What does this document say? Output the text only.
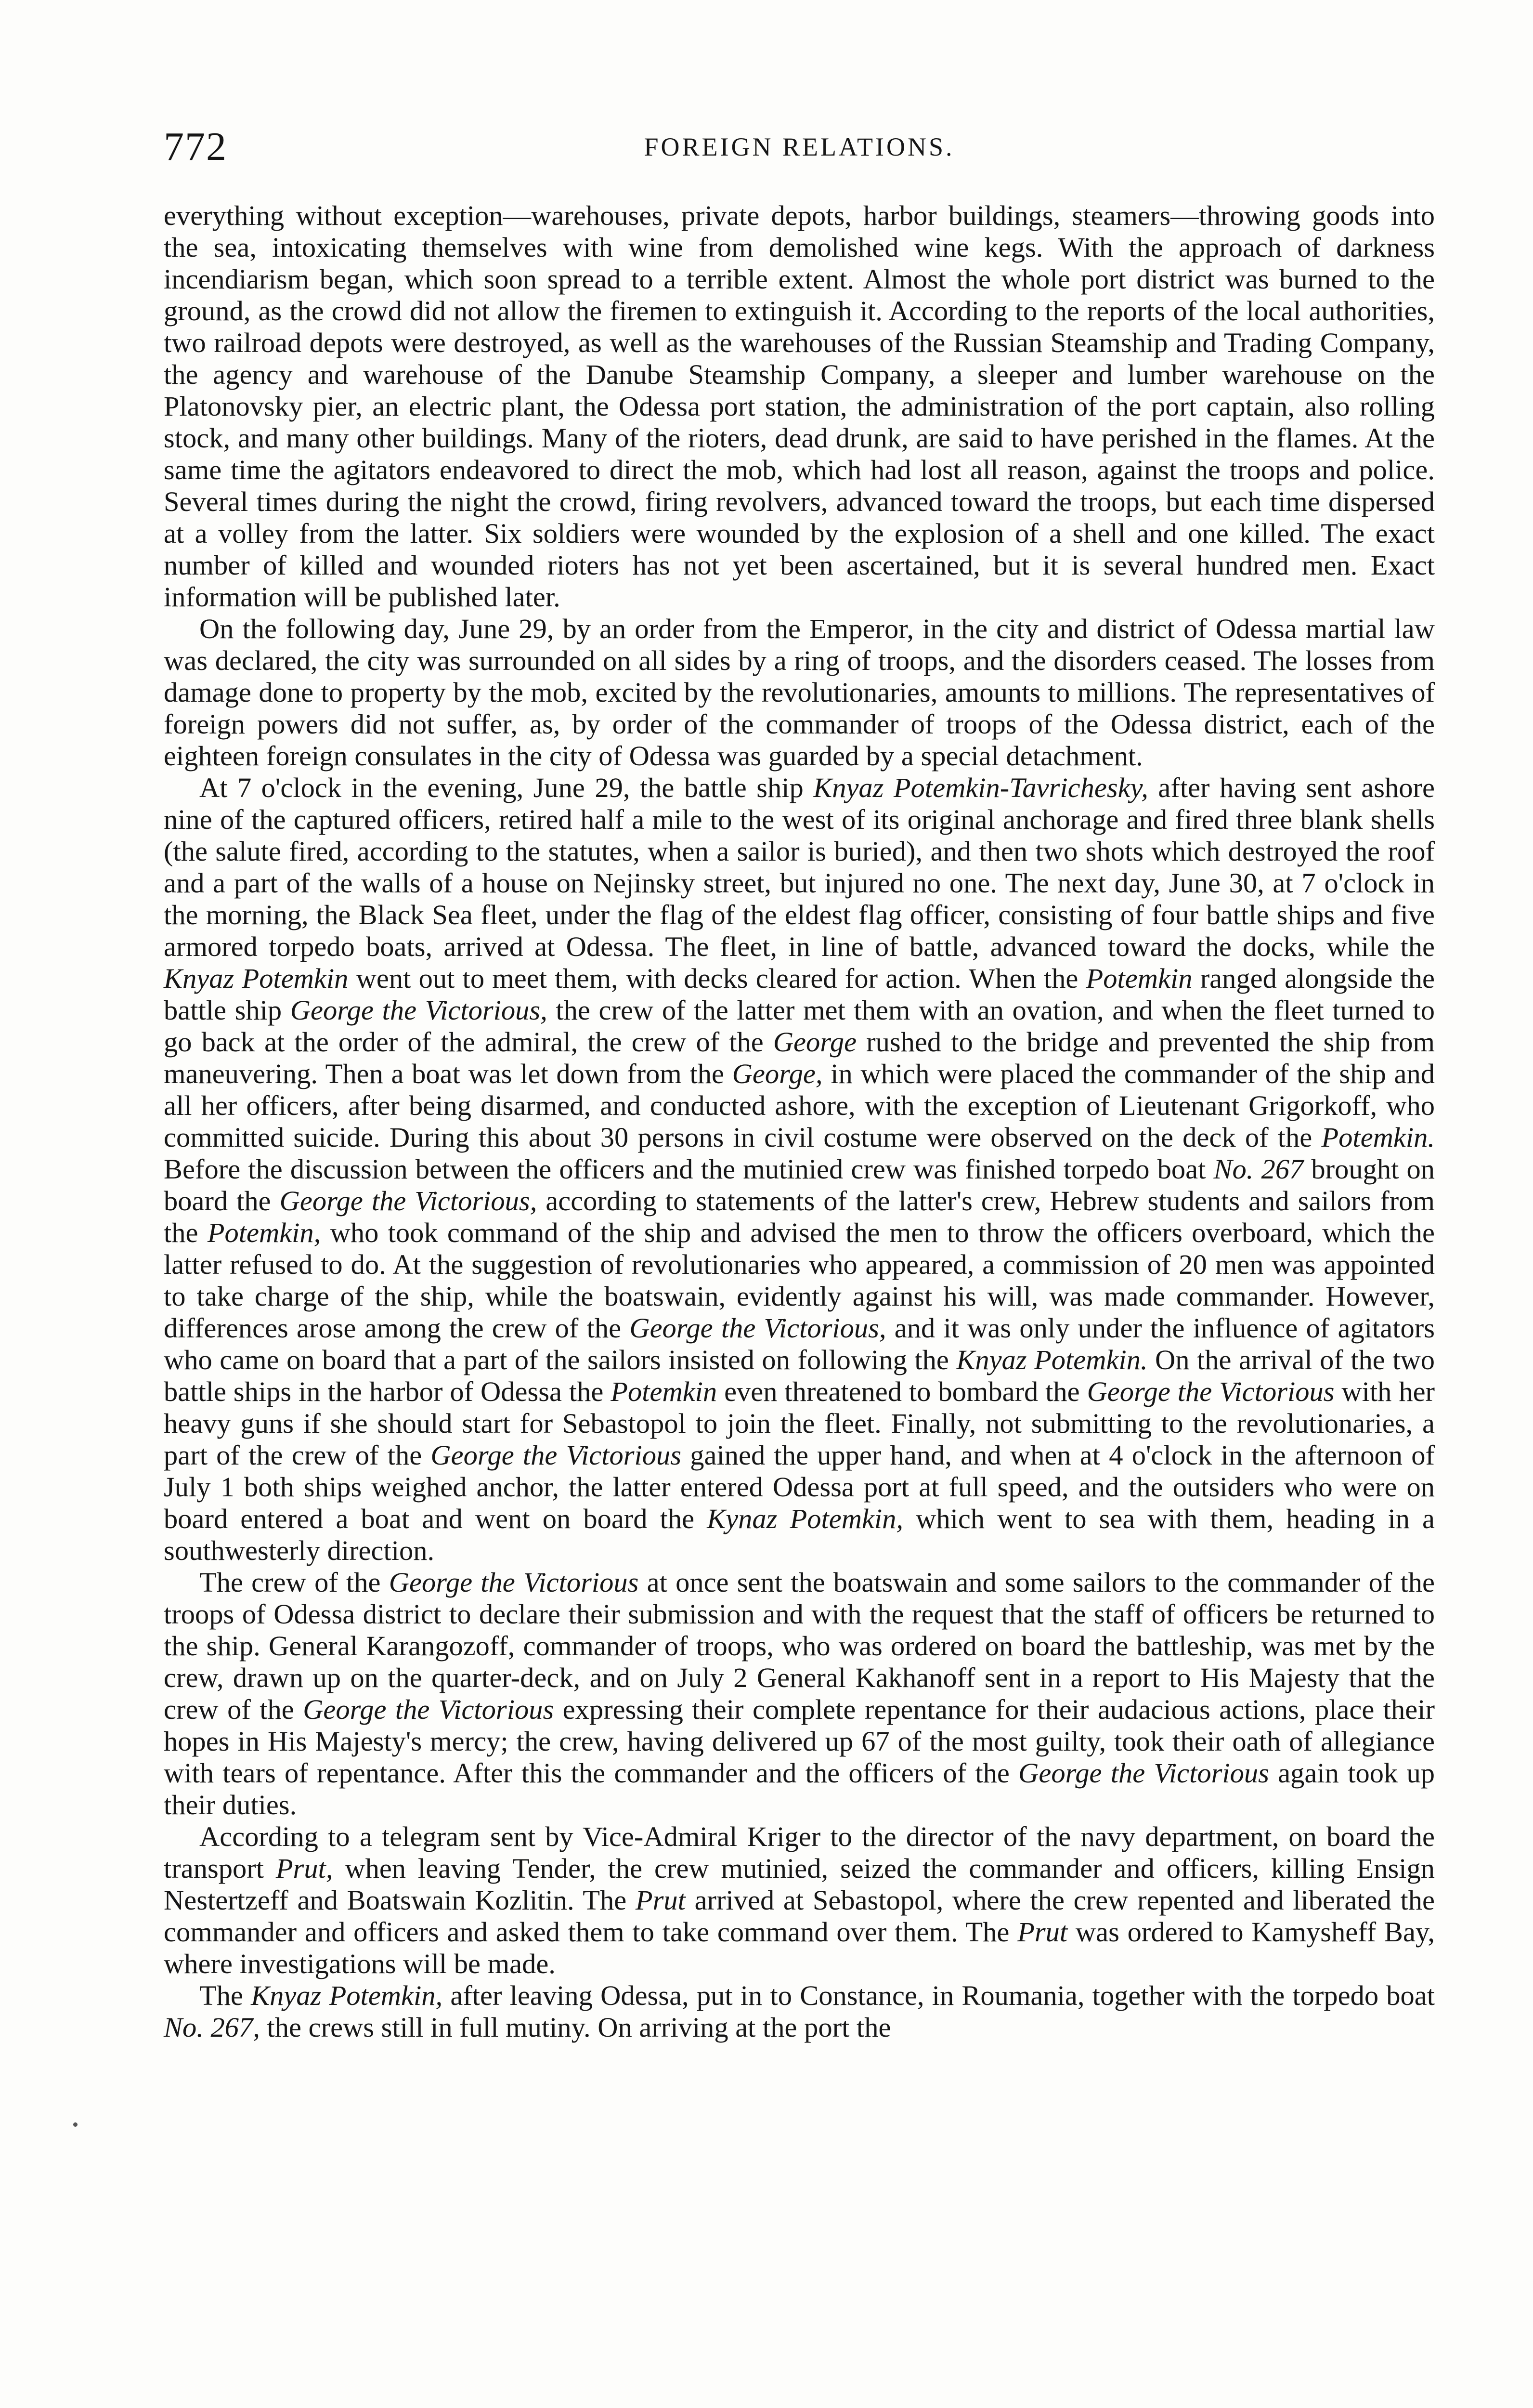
772	FOREIGN RELATIONS.

everything without exception—warehouses, private depots, harbor buildings, steamers—throwing goods into the sea, intoxicating themselves with wine from demolished wine kegs. With the approach of darkness incendiarism began, which soon spread to a terrible extent. Almost the whole port district was burned to the ground, as the crowd did not allow the firemen to extinguish it. According to the reports of the local authorities, two railroad depots were destroyed, as well as the warehouses of the Russian Steamship and Trading Company, the agency and warehouse of the Danube Steamship Company, a sleeper and lumber warehouse on the Platonovsky pier, an electric plant, the Odessa port station, the administration of the port captain, also rolling stock, and many other buildings. Many of the rioters, dead drunk, are said to have perished in the flames. At the same time the agitators endeavored to direct the mob, which had lost all reason, against the troops and police. Several times during the night the crowd, firing revolvers, advanced toward the troops, but each time dispersed at a volley from the latter. Six soldiers were wounded by the explosion of a shell and one killed. The exact number of killed and wounded rioters has not yet been ascertained, but it is several hundred men. Exact information will be published later.

On the following day, June 29, by an order from the Emperor, in the city and district of Odessa martial law was declared, the city was surrounded on all sides by a ring of troops, and the disorders ceased. The losses from damage done to property by the mob, excited by the revolutionaries, amounts to millions. The representatives of foreign powers did not suffer, as, by order of the commander of troops of the Odessa district, each of the eighteen foreign consulates in the city of Odessa was guarded by a special detachment.

At 7 o'clock in the evening, June 29, the battle ship Knyaz Potemkin-Tavrichesky, after having sent ashore nine of the captured officers, retired half a mile to the west of its original anchorage and fired three blank shells (the salute fired, according to the statutes, when a sailor is buried), and then two shots which destroyed the roof and a part of the walls of a house on Nejinsky street, but injured no one. The next day, June 30, at 7 o'clock in the morning, the Black Sea fleet, under the flag of the eldest flag officer, consisting of four battle ships and five armored torpedo boats, arrived at Odessa. The fleet, in line of battle, advanced toward the docks, while the Knyaz Potemkin went out to meet them, with decks cleared for action. When the Potemkin ranged alongside the battle ship George the Victorious, the crew of the latter met them with an ovation, and when the fleet turned to go back at the order of the admiral, the crew of the George rushed to the bridge and prevented the ship from maneuvering. Then a boat was let down from the George, in which were placed the commander of the ship and all her officers, after being disarmed, and conducted ashore, with the exception of Lieutenant Grigorkoff, who committed suicide. During this about 30 persons in civil costume were observed on the deck of the Potemkin. Before the discussion between the officers and the mutinied crew was finished torpedo boat No. 267 brought on board the George the Victorious, according to statements of the latter's crew, Hebrew students and sailors from the Potemkin, who took command of the ship and advised the men to throw the officers overboard, which the latter refused to do. At the suggestion of revolutionaries who appeared, a commission of 20 men was appointed to take charge of the ship, while the boatswain, evidently against his will, was made commander. However, differences arose among the crew of the George the Victorious, and it was only under the influence of agitators who came on board that a part of the sailors insisted on following the Knyaz Potemkin. On the arrival of the two battle ships in the harbor of Odessa the Potemkin even threatened to bombard the George the Victorious with her heavy guns if she should start for Sebastopol to join the fleet. Finally, not submitting to the revolutionaries, a part of the crew of the George the Victorious gained the upper hand, and when at 4 o'clock in the afternoon of July 1 both ships weighed anchor, the latter entered Odessa port at full speed, and the outsiders who were on board entered a boat and went on board the Kynaz Potemkin, which went to sea with them, heading in a southwesterly direction.

The crew of the George the Victorious at once sent the boatswain and some sailors to the commander of the troops of Odessa district to declare their submission and with the request that the staff of officers be returned to the ship. General Karangozoff, commander of troops, who was ordered on board the battleship, was met by the crew, drawn up on the quarter-deck, and on July 2 General Kakhanoff sent in a report to His Majesty that the crew of the George the Victorious expressing their complete repentance for their audacious actions, place their hopes in His Majesty's mercy; the crew, having delivered up 67 of the most guilty, took their oath of allegiance with tears of repentance. After this the commander and the officers of the George the Victorious again took up their duties.

According to a telegram sent by Vice-Admiral Kriger to the director of the navy department, on board the transport Prut, when leaving Tender, the crew mutinied, seized the commander and officers, killing Ensign Nestertzeff and Boatswain Kozlitin. The Prut arrived at Sebastopol, where the crew repented and liberated the commander and officers and asked them to take command over them. The Prut was ordered to Kamysheff Bay, where investigations will be made.

The Knyaz Potemkin, after leaving Odessa, put in to Constance, in Roumania, together with the torpedo boat No. 267, the crews still in full mutiny. On arriving at the port the
